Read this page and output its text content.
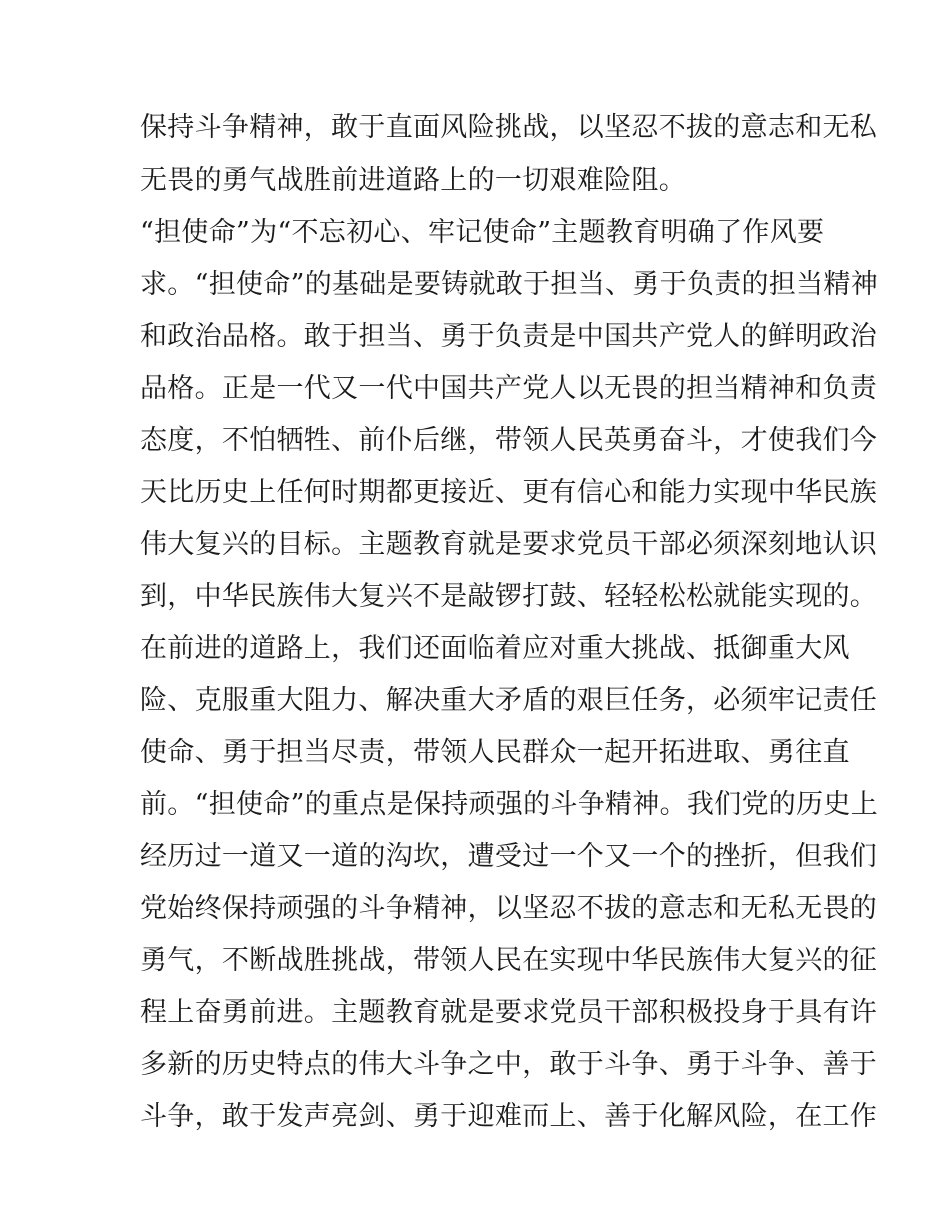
保持斗争精神，敢于直面风险挑战，以坚忍不拔的意志和无私
无畏的勇气战胜前进道路上的一切艰难险阻。
“担使命”为“不忘初心、牢记使命”主题教育明确了作风要
求。“担使命”的基础是要铸就敢于担当、勇于负责的担当精神
和政治品格。敢于担当、勇于负责是中国共产党人的鲜明政治
品格。正是一代又一代中国共产党人以无畏的担当精神和负责
态度，不怕牺牲、前仆后继，带领人民英勇奋斗，才使我们今
天比历史上任何时期都更接近、更有信心和能力实现中华民族
伟大复兴的目标。主题教育就是要求党员干部必须深刻地认识
到，中华民族伟大复兴不是敲锣打鼓、轻轻松松就能实现的。
在前进的道路上，我们还面临着应对重大挑战、抵御重大风
险、克服重大阻力、解决重大矛盾的艰巨任务，必须牢记责任
使命、勇于担当尽责，带领人民群众一起开拓进取、勇往直
前。“担使命”的重点是保持顽强的斗争精神。我们党的历史上
经历过一道又一道的沟坎，遭受过一个又一个的挫折，但我们
党始终保持顽强的斗争精神，以坚忍不拔的意志和无私无畏的
勇气，不断战胜挑战，带领人民在实现中华民族伟大复兴的征
程上奋勇前进。主题教育就是要求党员干部积极投身于具有许
多新的历史特点的伟大斗争之中，敢于斗争、勇于斗争、善于
斗争，敢于发声亮剑、勇于迎难而上、善于化解风险，在工作
